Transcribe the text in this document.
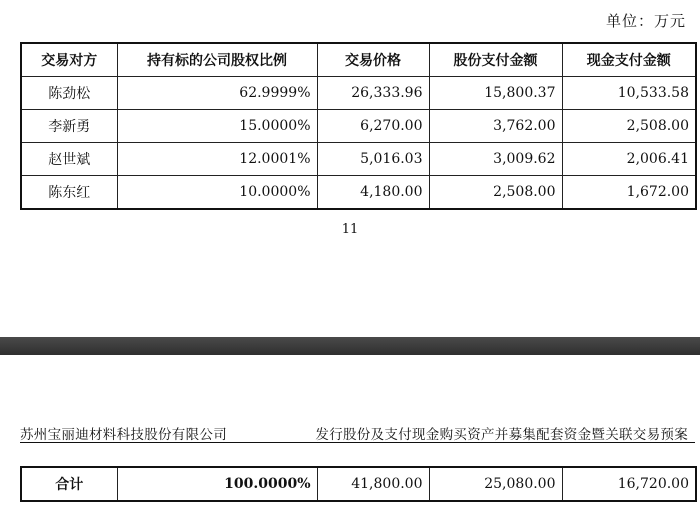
单位：万元
交易对方	持有标的公司股权比例	交易价格	股份支付金额	现金支付金额
陈劲松	62.9999%	26,333.96	15,800.37	10,533.58
李新勇	15.0000%	6,270.00	3,762.00	2,508.00
赵世斌	12.0001%	5,016.03	3,009.62	2,006.41
陈东红	10.0000%	4,180.00	2,508.00	1,672.00
11
苏州宝丽迪材料科技股份有限公司	发行股份及支付现金购买资产并募集配套资金暨关联交易预案
合计	100.0000%	41,800.00	25,080.00	16,720.00
